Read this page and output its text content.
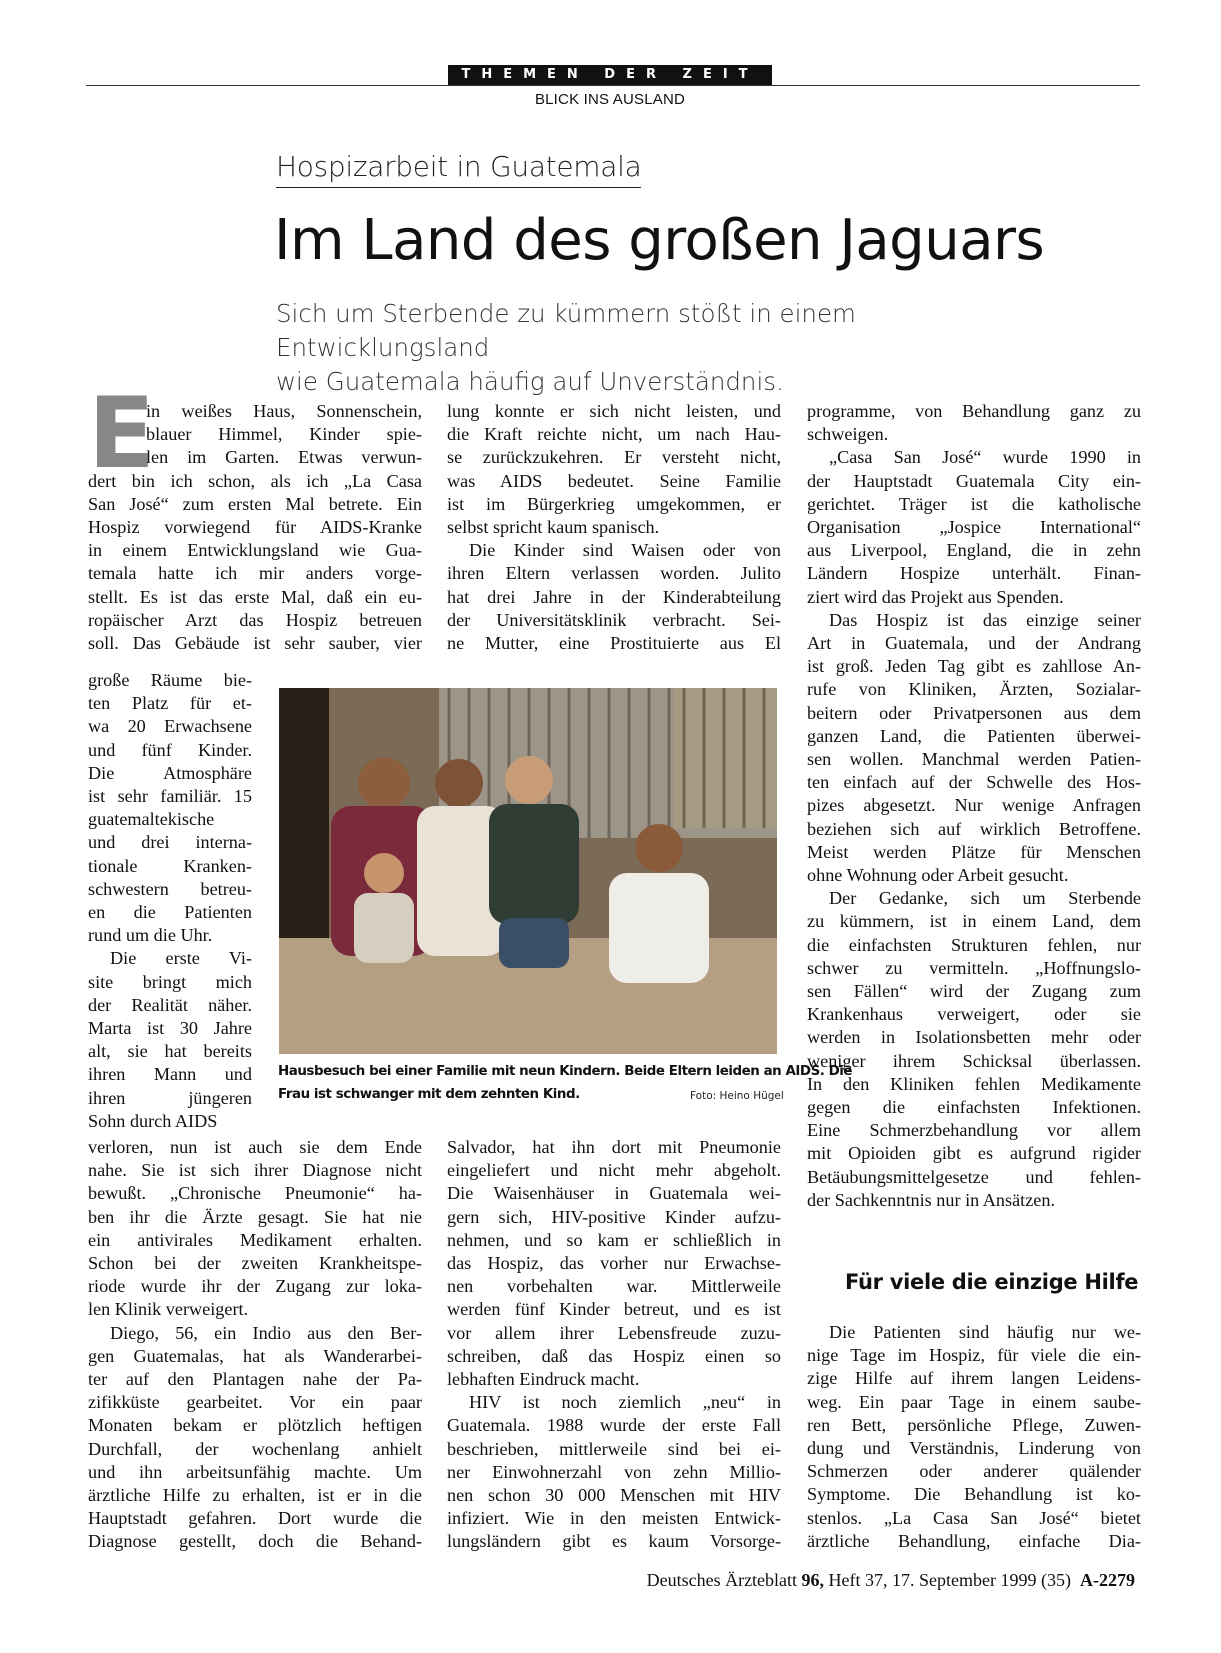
THEMEN DER ZEIT
BLICK INS AUSLAND
Hospizarbeit in Guatemala
Im Land des großen Jaguars
Sich um Sterbende zu kümmern stößt in einem Entwicklungsland
wie Guatemala häufig auf Unverständnis.
E
in weißes Haus, Sonnenschein,
blauer Himmel, Kinder spie-
len im Garten. Etwas verwun-
dert bin ich schon, als ich „La Casa
San José“ zum ersten Mal betrete. Ein
Hospiz vorwiegend für AIDS-Kranke
in einem Entwicklungsland wie Gua-
temala hatte ich mir anders vorge-
stellt. Es ist das erste Mal, daß ein eu-
ropäischer Arzt das Hospiz betreuen
soll. Das Gebäude ist sehr sauber, vier
große Räume bie-
ten Platz für et-
wa 20 Erwachsene
und fünf Kinder.
Die Atmosphäre
ist sehr familiär. 15
guatemaltekische
und drei interna-
tionale Kranken-
schwestern betreu-
en die Patienten
rund um die Uhr.
Die erste Vi-
site bringt mich
der Realität näher.
Marta ist 30 Jahre
alt, sie hat bereits
ihren Mann und
ihren jüngeren
Sohn durch AIDS
verloren, nun ist auch sie dem Ende
nahe. Sie ist sich ihrer Diagnose nicht
bewußt. „Chronische Pneumonie“ ha-
ben ihr die Ärzte gesagt. Sie hat nie
ein antivirales Medikament erhalten.
Schon bei der zweiten Krankheitspe-
riode wurde ihr der Zugang zur loka-
len Klinik verweigert.
Diego, 56, ein Indio aus den Ber-
gen Guatemalas, hat als Wanderarbei-
ter auf den Plantagen nahe der Pa-
zifikküste gearbeitet. Vor ein paar
Monaten bekam er plötzlich heftigen
Durchfall, der wochenlang anhielt
und ihn arbeitsunfähig machte. Um
ärztliche Hilfe zu erhalten, ist er in die
Hauptstadt gefahren. Dort wurde die
Diagnose gestellt, doch die Behand-
lung konnte er sich nicht leisten, und
die Kraft reichte nicht, um nach Hau-
se zurückzukehren. Er versteht nicht,
was AIDS bedeutet. Seine Familie
ist im Bürgerkrieg umgekommen, er
selbst spricht kaum spanisch.
Die Kinder sind Waisen oder von
ihren Eltern verlassen worden. Julito
hat drei Jahre in der Kinderabteilung
der Universitätsklinik verbracht. Sei-
ne Mutter, eine Prostituierte aus El
Salvador, hat ihn dort mit Pneumonie
eingeliefert und nicht mehr abgeholt.
Die Waisenhäuser in Guatemala wei-
gern sich, HIV-positive Kinder aufzu-
nehmen, und so kam er schließlich in
das Hospiz, das vorher nur Erwachse-
nen vorbehalten war. Mittlerweile
werden fünf Kinder betreut, und es ist
vor allem ihrer Lebensfreude zuzu-
schreiben, daß das Hospiz einen so
lebhaften Eindruck macht.
HIV ist noch ziemlich „neu“ in
Guatemala. 1988 wurde der erste Fall
beschrieben, mittlerweile sind bei ei-
ner Einwohnerzahl von zehn Millio-
nen schon 30 000 Menschen mit HIV
infiziert. Wie in den meisten Entwick-
lungsländern gibt es kaum Vorsorge-
programme, von Behandlung ganz zu
schweigen.
„Casa San José“ wurde 1990 in
der Hauptstadt Guatemala City ein-
gerichtet. Träger ist die katholische
Organisation „Jospice International“
aus Liverpool, England, die in zehn
Ländern Hospize unterhält. Finan-
ziert wird das Projekt aus Spenden.
Das Hospiz ist das einzige seiner
Art in Guatemala, und der Andrang
ist groß. Jeden Tag gibt es zahllose An-
rufe von Kliniken, Ärzten, Sozialar-
beitern oder Privatpersonen aus dem
ganzen Land, die Patienten überwei-
sen wollen. Manchmal werden Patien-
ten einfach auf der Schwelle des Hos-
pizes abgesetzt. Nur wenige Anfragen
beziehen sich auf wirklich Betroffene.
Meist werden Plätze für Menschen
ohne Wohnung oder Arbeit gesucht.
Der Gedanke, sich um Sterbende
zu kümmern, ist in einem Land, dem
die einfachsten Strukturen fehlen, nur
schwer zu vermitteln. „Hoffnungslo-
sen Fällen“ wird der Zugang zum
Krankenhaus verweigert, oder sie
werden in Isolationsbetten mehr oder
weniger ihrem Schicksal überlassen.
In den Kliniken fehlen Medikamente
gegen die einfachsten Infektionen.
Eine Schmerzbehandlung vor allem
mit Opioiden gibt es aufgrund rigider
Betäubungsmittelgesetze und fehlen-
der Sachkenntnis nur in Ansätzen.
Die Patienten sind häufig nur we-
nige Tage im Hospiz, für viele die ein-
zige Hilfe auf ihrem langen Leidens-
weg. Ein paar Tage in einem saube-
ren Bett, persönliche Pflege, Zuwen-
dung und Verständnis, Linderung von
Schmerzen oder anderer quälender
Symptome. Die Behandlung ist ko-
stenlos. „La Casa San José“ bietet
ärztliche Behandlung, einfache Dia-
Hausbesuch bei einer Familie mit neun Kindern. Beide Eltern leiden an AIDS. Die
Frau ist schwanger mit dem zehnten Kind.	Foto: Heino Hügel
Für viele die einzige Hilfe
Deutsches Ärzteblatt 96, Heft 37, 17. September 1999 (35) A-2279
